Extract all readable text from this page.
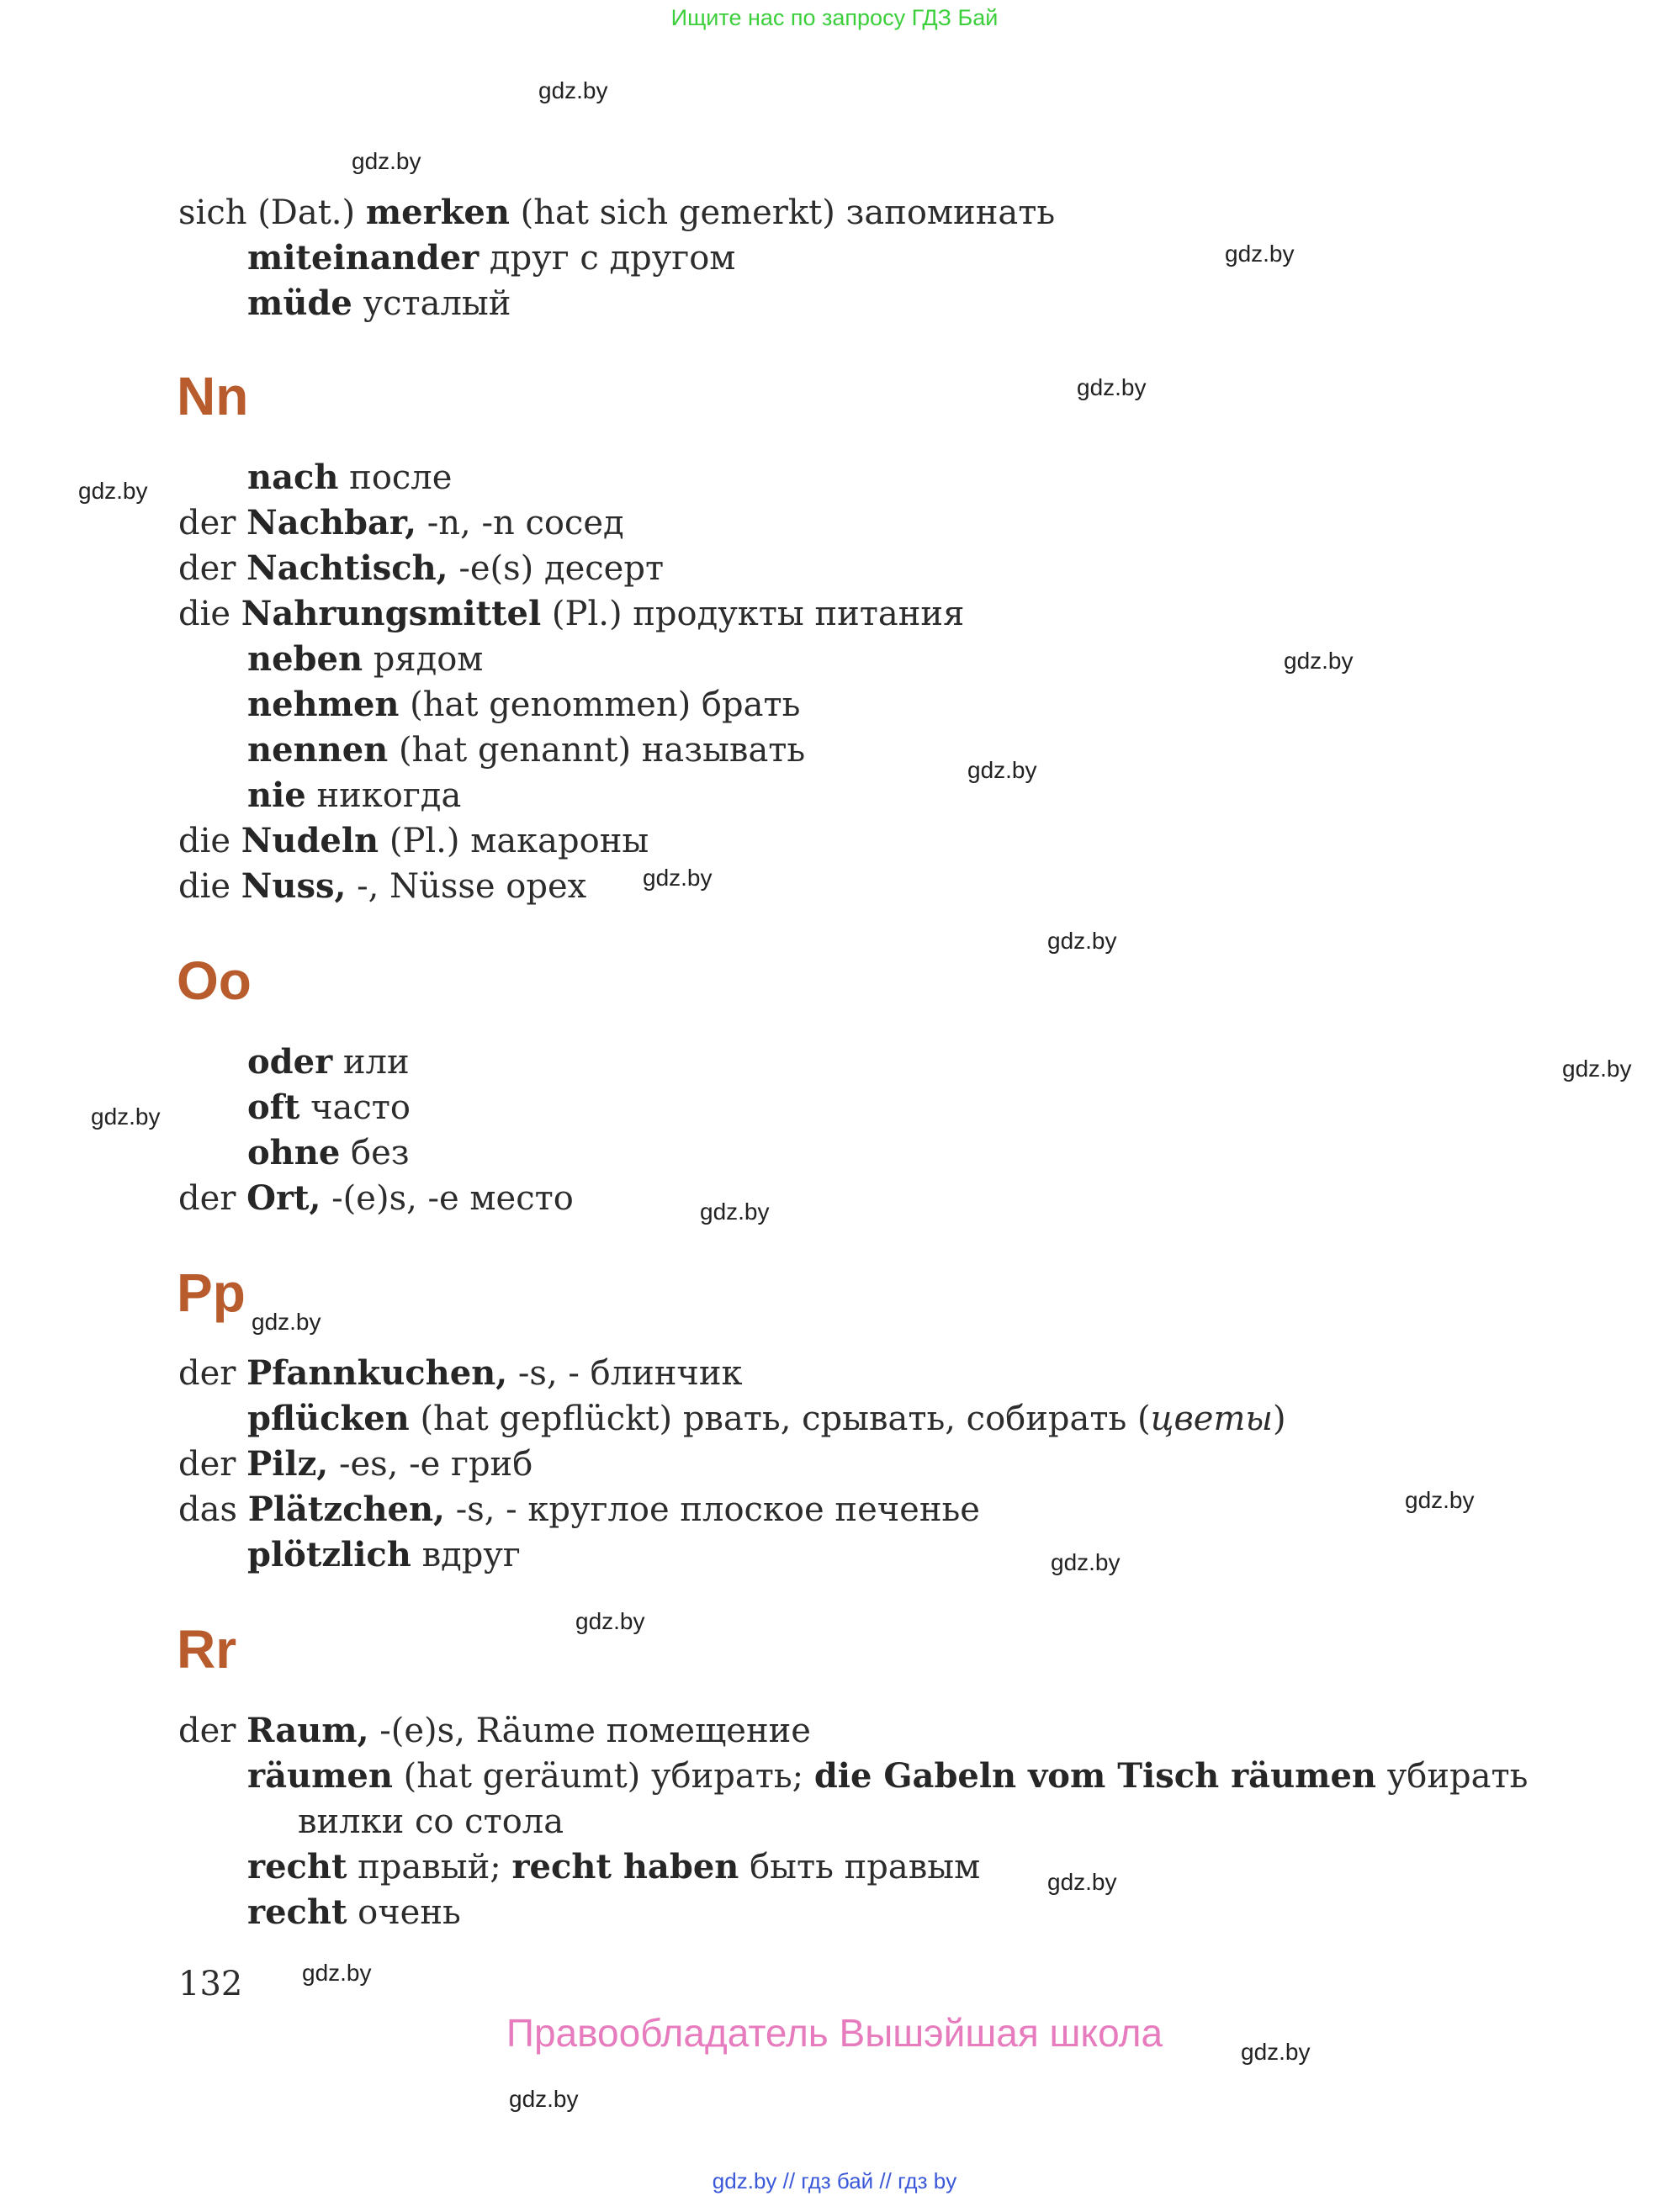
Ищите нас по запросу ГДЗ Бай
gdz.by
gdz.by
gdz.by
gdz.by
gdz.by
gdz.by
gdz.by
gdz.by
gdz.by
gdz.by
gdz.by
gdz.by
gdz.by
gdz.by
gdz.by
gdz.by
gdz.by
gdz.by
gdz.by
gdz.by
sich (Dat.) merken (hat sich gemerkt) запоминать
miteinander друг с другом
müde усталый
Nn
nach после
der Nachbar, -n, -n сосед
der Nachtisch, -e(s) десерт
die Nahrungsmittel (Pl.) продукты питания
neben рядом
nehmen (hat genommen) брать
nennen (hat genannt) называть
nie никогда
die Nudeln (Pl.) макароны
die Nuss, -, Nüsse орех
Oo
oder или
oft часто
ohne без
der Ort, -(e)s, -e место
Pp
der Pfannkuchen, -s, - блинчик
pflücken (hat gepflückt) рвать, срывать, собирать (цветы)
der Pilz, -es, -e гриб
das Plätzchen, -s, - круглое плоское печенье
plötzlich вдруг
Rr
der Raum, -(e)s, Räume помещение
räumen (hat geräumt) убирать; die Gabeln vom Tisch räumen убирать
вилки со стола
recht правый; recht haben быть правым
recht очень
132
Правообладатель Вышэйшая школа
gdz.by // гдз бай // гдз by
